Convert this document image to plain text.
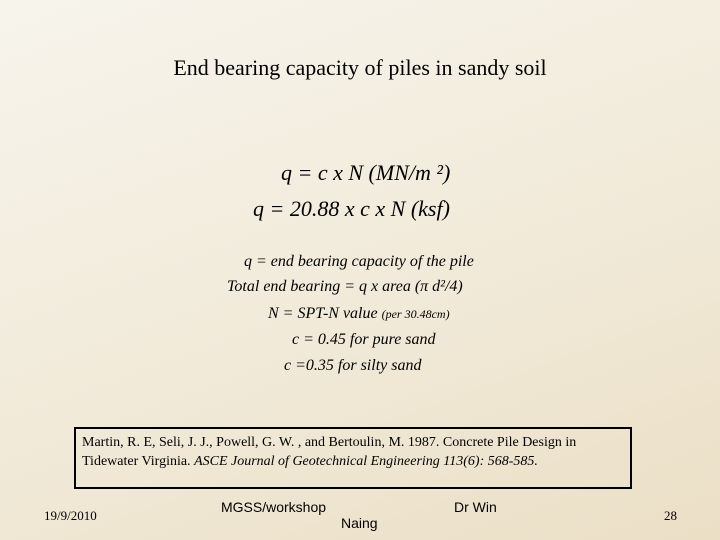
End bearing capacity of piles in sandy soil
q = c x N (MN/m ²)
q = 20.88 x c x N (ksf)
q = end bearing capacity of the pile
Total end bearing = q x area (π d²/4)
N = SPT-N value (per 30.48cm)
c = 0.45 for pure sand
c =0.35 for silty sand
Martin, R. E, Seli, J. J., Powell, G. W. , and Bertoulin, M. 1987. Concrete Pile Design in Tidewater Virginia. ASCE Journal of Geotechnical Engineering 113(6): 568-585.
19/9/2010
MGSS/workshop
Naing
Dr Win
28
